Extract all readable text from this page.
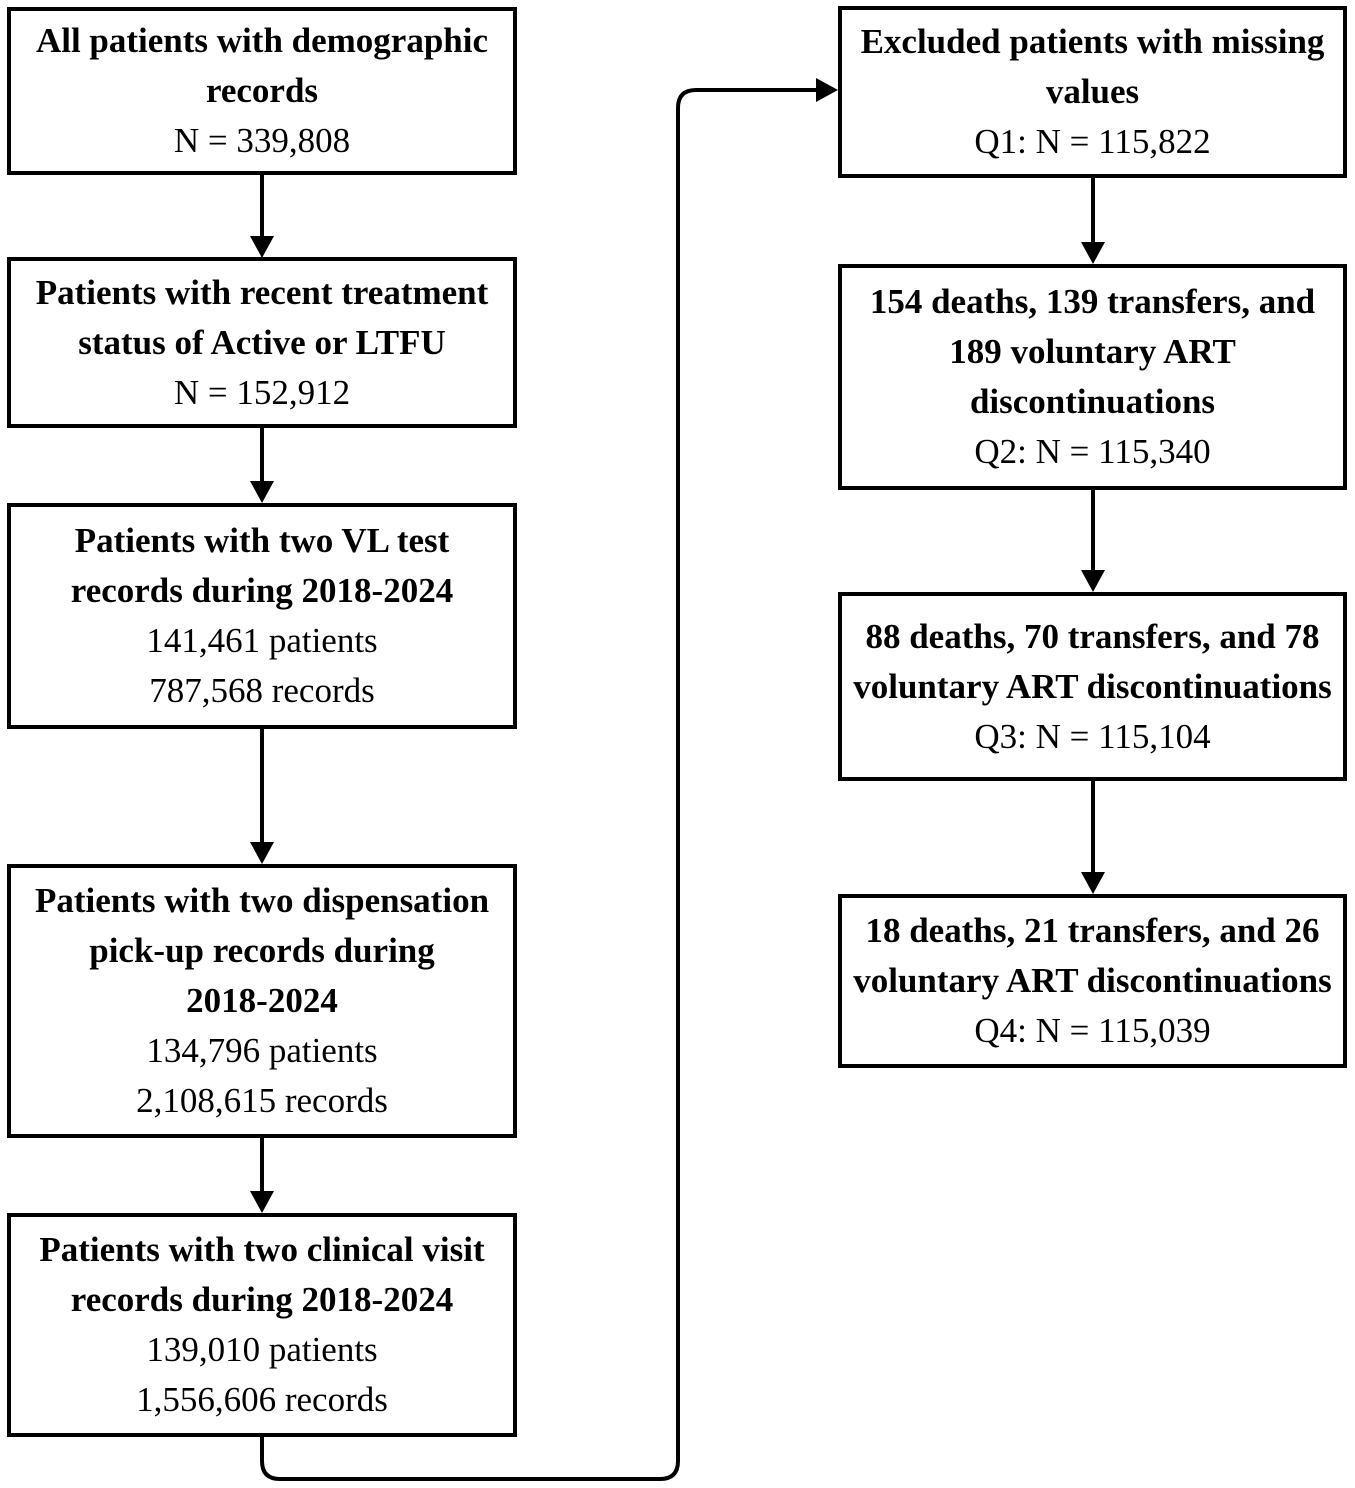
All patients with demographic
records
N = 339,808
Patients with recent treatment
status of Active or LTFU
N = 152,912
Patients with two VL test
records during 2018-2024
141,461 patients
787,568 records
Patients with two dispensation
pick-up records during
2018-2024
134,796 patients
2,108,615 records
Patients with two clinical visit
records during 2018-2024
139,010 patients
1,556,606 records
Excluded patients with missing
values
Q1: N = 115,822
154 deaths, 139 transfers, and
189 voluntary ART
discontinuations
Q2: N = 115,340
88 deaths, 70 transfers, and 78
voluntary ART discontinuations
Q3: N = 115,104
18 deaths, 21 transfers, and 26
voluntary ART discontinuations
Q4: N = 115,039
